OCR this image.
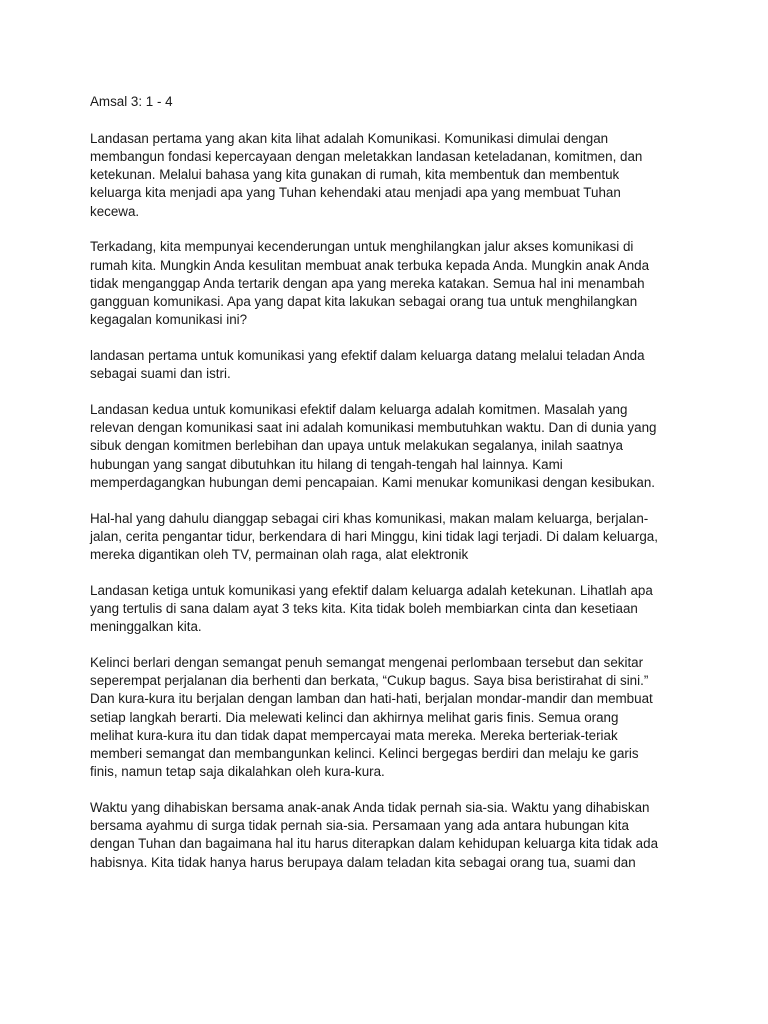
Amsal 3: 1 - 4

Landasan pertama yang akan kita lihat adalah Komunikasi. Komunikasi dimulai dengan
membangun fondasi kepercayaan dengan meletakkan landasan keteladanan, komitmen, dan
ketekunan. Melalui bahasa yang kita gunakan di rumah, kita membentuk dan membentuk
keluarga kita menjadi apa yang Tuhan kehendaki atau menjadi apa yang membuat Tuhan
kecewa.

Terkadang, kita mempunyai kecenderungan untuk menghilangkan jalur akses komunikasi di
rumah kita. Mungkin Anda kesulitan membuat anak terbuka kepada Anda. Mungkin anak Anda
tidak menganggap Anda tertarik dengan apa yang mereka katakan. Semua hal ini menambah
gangguan komunikasi. Apa yang dapat kita lakukan sebagai orang tua untuk menghilangkan
kegagalan komunikasi ini?

landasan pertama untuk komunikasi yang efektif dalam keluarga datang melalui teladan Anda
sebagai suami dan istri.

Landasan kedua untuk komunikasi efektif dalam keluarga adalah komitmen. Masalah yang
relevan dengan komunikasi saat ini adalah komunikasi membutuhkan waktu. Dan di dunia yang
sibuk dengan komitmen berlebihan dan upaya untuk melakukan segalanya, inilah saatnya
hubungan yang sangat dibutuhkan itu hilang di tengah-tengah hal lainnya. Kami
memperdagangkan hubungan demi pencapaian. Kami menukar komunikasi dengan kesibukan.

Hal-hal yang dahulu dianggap sebagai ciri khas komunikasi, makan malam keluarga, berjalan-
jalan, cerita pengantar tidur, berkendara di hari Minggu, kini tidak lagi terjadi. Di dalam keluarga,
mereka digantikan oleh TV, permainan olah raga, alat elektronik

Landasan ketiga untuk komunikasi yang efektif dalam keluarga adalah ketekunan. Lihatlah apa
yang tertulis di sana dalam ayat 3 teks kita. Kita tidak boleh membiarkan cinta dan kesetiaan
meninggalkan kita.

Kelinci berlari dengan semangat penuh semangat mengenai perlombaan tersebut dan sekitar
seperempat perjalanan dia berhenti dan berkata, “Cukup bagus. Saya bisa beristirahat di sini.”
Dan kura-kura itu berjalan dengan lamban dan hati-hati, berjalan mondar-mandir dan membuat
setiap langkah berarti. Dia melewati kelinci dan akhirnya melihat garis finis. Semua orang
melihat kura-kura itu dan tidak dapat mempercayai mata mereka. Mereka berteriak-teriak
memberi semangat dan membangunkan kelinci. Kelinci bergegas berdiri dan melaju ke garis
finis, namun tetap saja dikalahkan oleh kura-kura.

Waktu yang dihabiskan bersama anak-anak Anda tidak pernah sia-sia. Waktu yang dihabiskan
bersama ayahmu di surga tidak pernah sia-sia. Persamaan yang ada antara hubungan kita
dengan Tuhan dan bagaimana hal itu harus diterapkan dalam kehidupan keluarga kita tidak ada
habisnya. Kita tidak hanya harus berupaya dalam teladan kita sebagai orang tua, suami dan
